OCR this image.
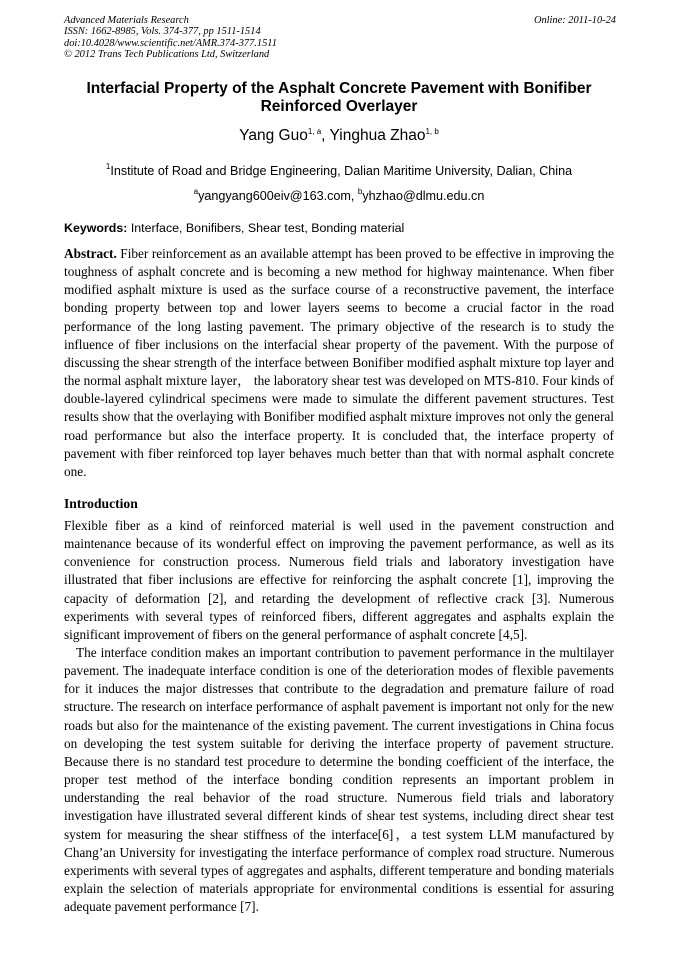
Advanced Materials Research
ISSN: 1662-8985, Vols. 374-377, pp 1511-1514
doi:10.4028/www.scientific.net/AMR.374-377.1511
© 2012 Trans Tech Publications Ltd, Switzerland
Online: 2011-10-24
Interfacial Property of the Asphalt Concrete Pavement with Bonifiber Reinforced Overlayer
Yang Guo$^{1, a}$, Yinghua Zhao$^{1, b}$
$^1$Institute of Road and Bridge Engineering, Dalian Maritime University, Dalian, China
$^a$yangyang600eiv@163.com, $^b$yhzhao@dlmu.edu.cn
Keywords: Interface, Bonifibers, Shear test, Bonding material

Abstract. Fiber reinforcement as an available attempt has been proved to be effective in improving the toughness of asphalt concrete and is becoming a new method for highway maintenance. When fiber modified asphalt mixture is used as the surface course of a reconstructive pavement, the interface bonding property between top and lower layers seems to become a crucial factor in the road performance of the long lasting pavement. The primary objective of the research is to study the influence of fiber inclusions on the interfacial shear property of the pavement. With the purpose of discussing the shear strength of the interface between Bonifiber modified asphalt mixture top layer and the normal asphalt mixture layer， the laboratory shear test was developed on MTS-810. Four kinds of double-layered cylindrical specimens were made to simulate the different pavement structures. Test results show that the overlaying with Bonifiber modified asphalt mixture improves not only the general road performance but also the interface property. It is concluded that, the interface property of pavement with fiber reinforced top layer behaves much better than that with normal asphalt concrete one.

Introduction

Flexible fiber as a kind of reinforced material is well used in the pavement construction and maintenance because of its wonderful effect on improving the pavement performance, as well as its convenience for construction process. Numerous field trials and laboratory investigation have illustrated that fiber inclusions are effective for reinforcing the asphalt concrete [1], improving the capacity of deformation [2], and retarding the development of reflective crack [3]. Numerous experiments with several types of reinforced fibers, different aggregates and asphalts explain the significant improvement of fibers on the general performance of asphalt concrete [4,5].

The interface condition makes an important contribution to pavement performance in the multilayer pavement. The inadequate interface condition is one of the deterioration modes of flexible pavements for it induces the major distresses that contribute to the degradation and premature failure of road structure. The research on interface performance of asphalt pavement is important not only for the new roads but also for the maintenance of the existing pavement. The current investigations in China focus on developing the test system suitable for deriving the interface property of pavement structure. Because there is no standard test procedure to determine the bonding coefficient of the interface, the proper test method of the interface bonding condition represents an important problem in understanding the real behavior of the road structure. Numerous field trials and laboratory investigation have illustrated several different kinds of shear test systems, including direct shear test system for measuring the shear stiffness of the interface[6]，a test system LLM manufactured by Chang’an University for investigating the interface performance of complex road structure. Numerous experiments with several types of aggregates and asphalts, different temperature and bonding materials explain the selection of materials appropriate for environmental conditions is essential for assuring adequate pavement performance [7].
